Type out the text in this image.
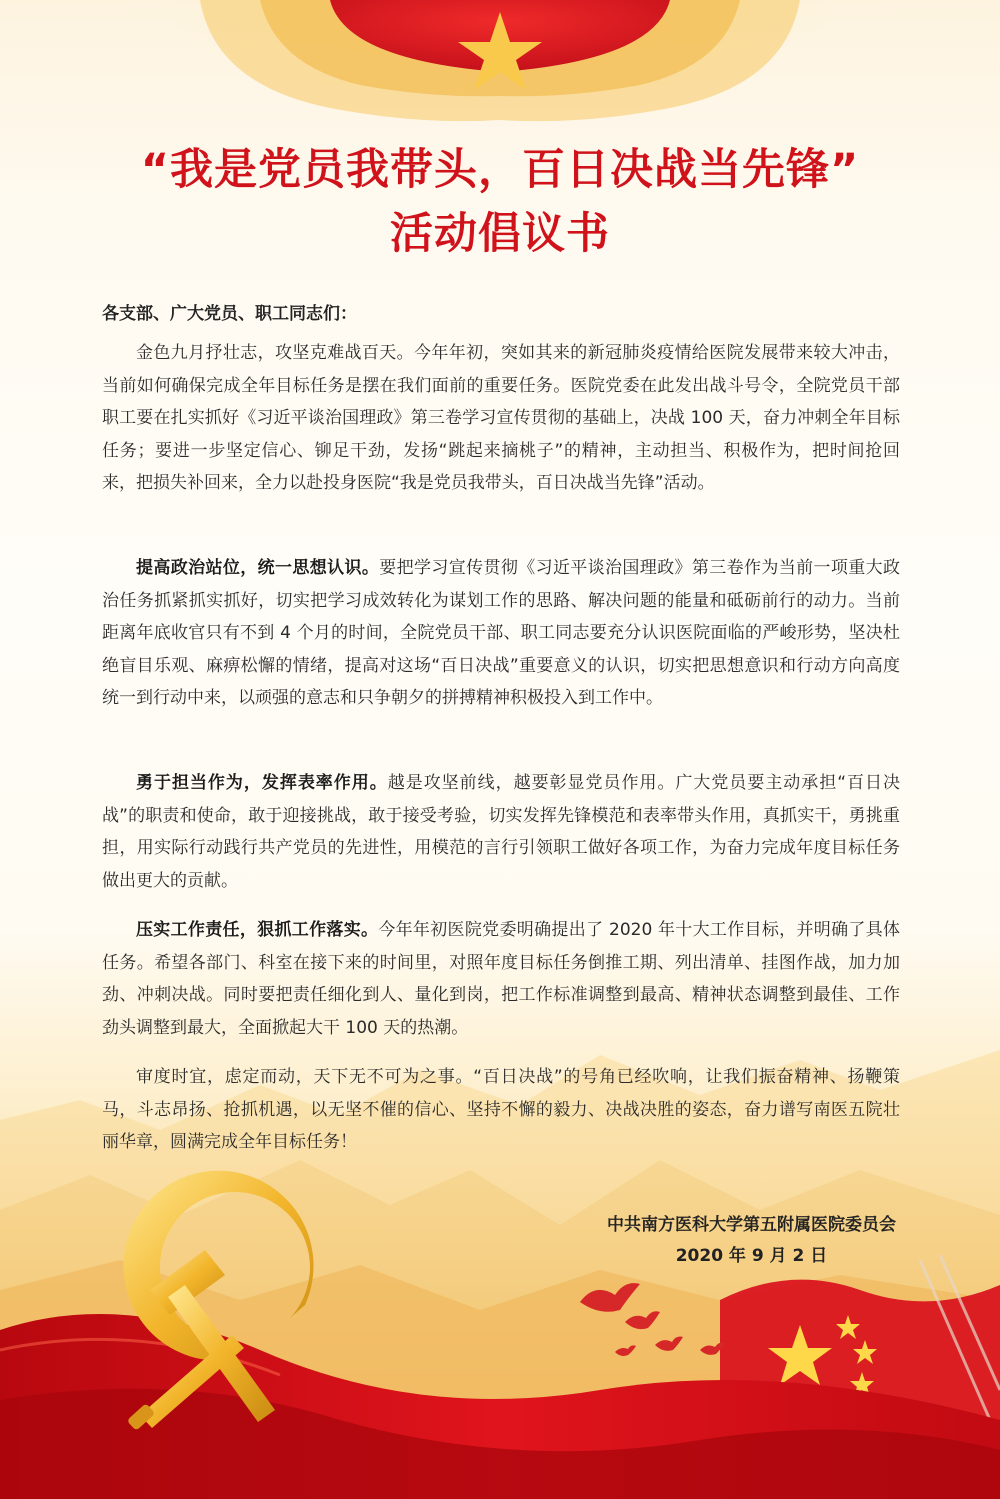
“我是党员我带头，百日决战当先锋”
活动倡议书
各支部、广大党员、职工同志们：

金色九月抒壮志，攻坚克难战百天。今年年初，突如其来的新冠肺炎疫情给医院发展带来较大冲击，当前如何确保完成全年目标任务是摆在我们面前的重要任务。医院党委在此发出战斗号令，全院党员干部职工要在扎实抓好《习近平谈治国理政》第三卷学习宣传贯彻的基础上，决战 100 天，奋力冲刺全年目标任务；要进一步坚定信心、铆足干劲，发扬“跳起来摘桃子”的精神，主动担当、积极作为，把时间抢回来，把损失补回来，全力以赴投身医院“我是党员我带头，百日决战当先锋”活动。

提高政治站位，统一思想认识。要把学习宣传贯彻《习近平谈治国理政》第三卷作为当前一项重大政治任务抓紧抓实抓好，切实把学习成效转化为谋划工作的思路、解决问题的能量和砥砺前行的动力。当前距离年底收官只有不到 4 个月的时间，全院党员干部、职工同志要充分认识医院面临的严峻形势，坚决杜绝盲目乐观、麻痹松懈的情绪，提高对这场“百日决战”重要意义的认识，切实把思想意识和行动方向高度统一到行动中来，以顽强的意志和只争朝夕的拼搏精神积极投入到工作中。

勇于担当作为，发挥表率作用。越是攻坚前线，越要彰显党员作用。广大党员要主动承担“百日决战”的职责和使命，敢于迎接挑战，敢于接受考验，切实发挥先锋模范和表率带头作用，真抓实干，勇挑重担，用实际行动践行共产党员的先进性，用模范的言行引领职工做好各项工作，为奋力完成年度目标任务做出更大的贡献。

压实工作责任，狠抓工作落实。今年年初医院党委明确提出了 2020 年十大工作目标，并明确了具体任务。希望各部门、科室在接下来的时间里，对照年度目标任务倒推工期、列出清单、挂图作战，加力加劲、冲刺决战。同时要把责任细化到人、量化到岗，把工作标准调整到最高、精神状态调整到最佳、工作劲头调整到最大，全面掀起大干 100 天的热潮。

审度时宜，虑定而动，天下无不可为之事。“百日决战”的号角已经吹响，让我们振奋精神、扬鞭策马，斗志昂扬、抢抓机遇，以无坚不催的信心、坚持不懈的毅力、决战决胜的姿态，奋力谱写南医五院壮丽华章，圆满完成全年目标任务！

中共南方医科大学第五附属医院委员会
2020 年 9 月 2 日
